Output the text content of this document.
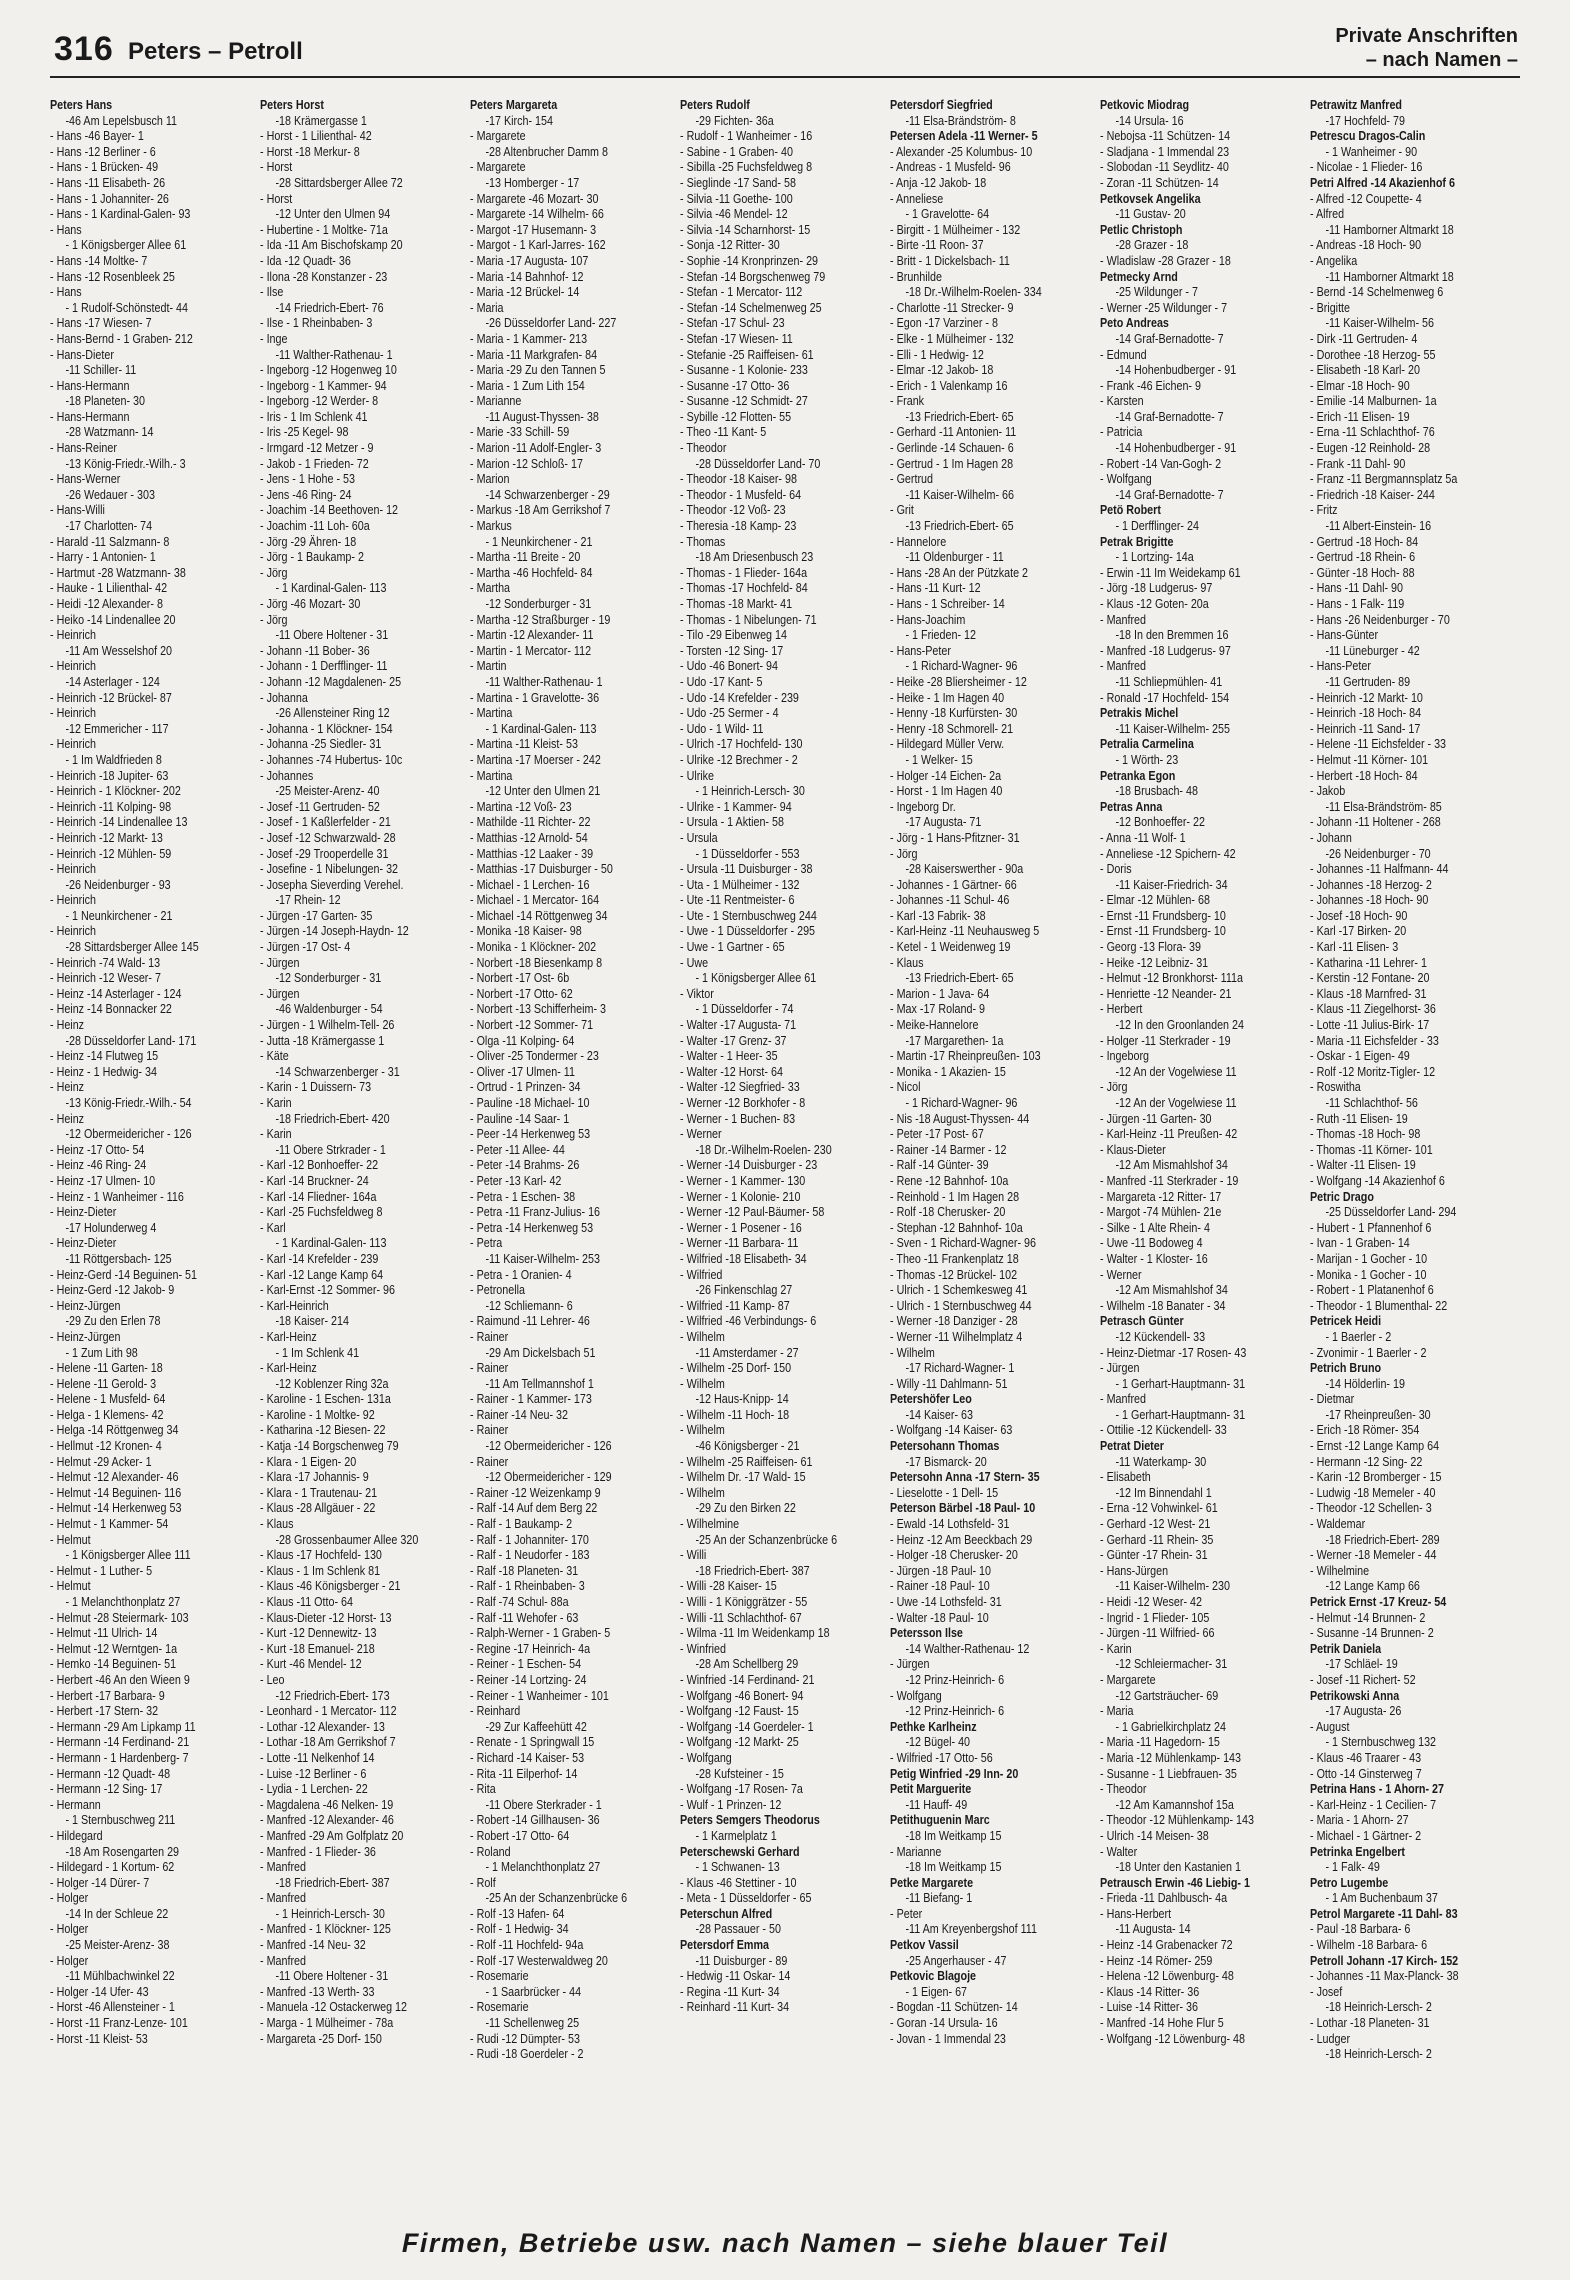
316 Peters – Petroll
Private Anschriften
– nach Namen –
Peters Hans
-46 Am Lepelsbusch 11
- Hans -46 Bayer- 1
- Hans -12 Berliner - 6
- Hans - 1 Brücken- 49
- Hans -11 Elisabeth- 26
- Hans - 1 Johanniter- 26
- Hans - 1 Kardinal-Galen- 93
- Hans
- 1 Königsberger Allee 61
- Hans -14 Moltke- 7
- Hans -12 Rosenbleek 25
- Hans
- 1 Rudolf-Schönstedt- 44
- Hans -17 Wiesen- 7
- Hans-Bernd - 1 Graben- 212
- Hans-Dieter
-11 Schiller- 11
- Hans-Hermann
-18 Planeten- 30
- Hans-Hermann
-28 Watzmann- 14
- Hans-Reiner
-13 König-Friedr.-Wilh.- 3
- Hans-Werner
-26 Wedauer - 303
- Hans-Willi
-17 Charlotten- 74
- Harald -11 Salzmann- 8
- Harry - 1 Antonien- 1
- Hartmut -28 Watzmann- 38
- Hauke - 1 Lilienthal- 42
- Heidi -12 Alexander- 8
- Heiko -14 Lindenallee 20
- Heinrich
-11 Am Wesselshof 20
- Heinrich
-14 Asterlager - 124
- Heinrich -12 Brückel- 87
- Heinrich
-12 Emmericher - 117
- Heinrich
- 1 Im Waldfrieden 8
- Heinrich -18 Jupiter- 63
- Heinrich - 1 Klöckner- 202
- Heinrich -11 Kolping- 98
- Heinrich -14 Lindenallee 13
- Heinrich -12 Markt- 13
- Heinrich -12 Mühlen- 59
- Heinrich
-26 Neidenburger - 93
- Heinrich
- 1 Neunkirchener - 21
- Heinrich
-28 Sittardsberger Allee 145
- Heinrich -74 Wald- 13
- Heinrich -12 Weser- 7
- Heinz -14 Asterlager - 124
- Heinz -14 Bonnacker 22
- Heinz
-28 Düsseldorfer Land- 171
- Heinz -14 Flutweg 15
- Heinz - 1 Hedwig- 34
- Heinz
-13 König-Friedr.-Wilh.- 54
- Heinz
-12 Obermeidericher - 126
- Heinz -17 Otto- 54
- Heinz -46 Ring- 24
- Heinz -17 Ulmen- 10
- Heinz - 1 Wanheimer - 116
- Heinz-Dieter
-17 Holunderweg 4
- Heinz-Dieter
-11 Röttgersbach- 125
- Heinz-Gerd -14 Beguinen- 51
- Heinz-Gerd -12 Jakob- 9
- Heinz-Jürgen
-29 Zu den Erlen 78
- Heinz-Jürgen
- 1 Zum Lith 98
- Helene -11 Garten- 18
- Helene -11 Gerold- 3
- Helene - 1 Musfeld- 64
- Helga - 1 Klemens- 42
- Helga -14 Röttgenweg 34
- Hellmut -12 Kronen- 4
- Helmut -29 Acker- 1
- Helmut -12 Alexander- 46
- Helmut -14 Beguinen- 116
- Helmut -14 Herkenweg 53
- Helmut - 1 Kammer- 54
- Helmut
- 1 Königsberger Allee 111
- Helmut - 1 Luther- 5
- Helmut
- 1 Melanchthonplatz 27
- Helmut -28 Steiermark- 103
- Helmut -11 Ulrich- 14
- Helmut -12 Werntgen- 1a
- Hemko -14 Beguinen- 51
- Herbert -46 An den Wieen 9
- Herbert -17 Barbara- 9
- Herbert -17 Stern- 32
- Hermann -29 Am Lipkamp 11
- Hermann -14 Ferdinand- 21
- Hermann - 1 Hardenberg- 7
- Hermann -12 Quadt- 48
- Hermann -12 Sing- 17
- Hermann
- 1 Sternbuschweg 211
- Hildegard
-18 Am Rosengarten 29
- Hildegard - 1 Kortum- 62
- Holger -14 Dürer- 7
- Holger
-14 In der Schleue 22
- Holger
-25 Meister-Arenz- 38
- Holger
-11 Mühlbachwinkel 22
- Holger -14 Ufer- 43
- Horst -46 Allensteiner - 1
- Horst -11 Franz-Lenze- 101
- Horst -11 Kleist- 53
Peters Horst
-18 Krämergasse 1
- Horst - 1 Lilienthal- 42
- Horst -18 Merkur- 8
- Horst
-28 Sittardsberger Allee 72
- Horst
-12 Unter den Ulmen 94
- Hubertine - 1 Moltke- 71a
- Ida -11 Am Bischofskamp 20
- Ida -12 Quadt- 36
- Ilona -28 Konstanzer - 23
- Ilse
-14 Friedrich-Ebert- 76
- Ilse - 1 Rheinbaben- 3
- Inge
-11 Walther-Rathenau- 1
- Ingeborg -12 Hogenweg 10
- Ingeborg - 1 Kammer- 94
- Ingeborg -12 Werder- 8
- Iris - 1 Im Schlenk 41
- Iris -25 Kegel- 98
- Irmgard -12 Metzer - 9
- Jakob - 1 Frieden- 72
- Jens - 1 Hohe - 53
- Jens -46 Ring- 24
- Joachim -14 Beethoven- 12
- Joachim -11 Loh- 60a
- Jörg -29 Ähren- 18
- Jörg - 1 Baukamp- 2
- Jörg
- 1 Kardinal-Galen- 113
- Jörg -46 Mozart- 30
- Jörg
-11 Obere Holtener - 31
- Johann -11 Bober- 36
- Johann - 1 Derfflinger- 11
- Johann -12 Magdalenen- 25
- Johanna
-26 Allensteiner Ring 12
- Johanna - 1 Klöckner- 154
- Johanna -25 Siedler- 31
- Johannes -74 Hubertus- 10c
- Johannes
-25 Meister-Arenz- 40
- Josef -11 Gertruden- 52
- Josef - 1 Kaßlerfelder - 21
- Josef -12 Schwarzwald- 28
- Josef -29 Trooperdelle 31
- Josefine - 1 Nibelungen- 32
- Josepha Sieverding Verehel.
-17 Rhein- 12
- Jürgen -17 Garten- 35
- Jürgen -14 Joseph-Haydn- 12
- Jürgen -17 Ost- 4
- Jürgen
-12 Sonderburger - 31
- Jürgen
-46 Waldenburger - 54
- Jürgen - 1 Wilhelm-Tell- 26
- Jutta -18 Krämergasse 1
- Käte
-14 Schwarzenberger - 31
- Karin - 1 Duissern- 73
- Karin
-18 Friedrich-Ebert- 420
- Karin
-11 Obere Strkrader - 1
- Karl -12 Bonhoeffer- 22
- Karl -14 Bruckner- 24
- Karl -14 Fliedner- 164a
- Karl -25 Fuchsfeldweg 8
- Karl
- 1 Kardinal-Galen- 113
- Karl -14 Krefelder - 239
- Karl -12 Lange Kamp 64
- Karl-Ernst -12 Sommer- 96
- Karl-Heinrich
-18 Kaiser- 214
- Karl-Heinz
- 1 Im Schlenk 41
- Karl-Heinz
-12 Koblenzer Ring 32a
- Karoline - 1 Eschen- 131a
- Karoline - 1 Moltke- 92
- Katharina -12 Biesen- 22
- Katja -14 Borgschenweg 79
- Klara - 1 Eigen- 20
- Klara -17 Johannis- 9
- Klara - 1 Trautenau- 21
- Klaus -28 Allgäuer - 22
- Klaus
-28 Grossenbaumer Allee 320
- Klaus -17 Hochfeld- 130
- Klaus - 1 Im Schlenk 81
- Klaus -46 Königsberger - 21
- Klaus -11 Otto- 64
- Klaus-Dieter -12 Horst- 13
- Kurt -12 Dennewitz- 13
- Kurt -18 Emanuel- 218
- Kurt -46 Mendel- 12
- Leo
-12 Friedrich-Ebert- 173
- Leonhard - 1 Mercator- 112
- Lothar -12 Alexander- 13
- Lothar -18 Am Gerrikshof 7
- Lotte -11 Nelkenhof 14
- Luise -12 Berliner - 6
- Lydia - 1 Lerchen- 22
- Magdalena -46 Nelken- 19
- Manfred -12 Alexander- 46
- Manfred -29 Am Golfplatz 20
- Manfred - 1 Flieder- 36
- Manfred
-18 Friedrich-Ebert- 387
- Manfred
- 1 Heinrich-Lersch- 30
- Manfred - 1 Klöckner- 125
- Manfred -14 Neu- 32
- Manfred
-11 Obere Holtener - 31
- Manfred -13 Werth- 33
- Manuela -12 Ostackerweg 12
- Marga - 1 Mülheimer - 78a
- Margareta -25 Dorf- 150
Peters Margareta
-17 Kirch- 154
- Margarete
-28 Altenbrucher Damm 8
- Margarete
-13 Homberger - 17
- Margarete -46 Mozart- 30
- Margarete -14 Wilhelm- 66
- Margot -17 Husemann- 3
- Margot - 1 Karl-Jarres- 162
- Maria -17 Augusta- 107
- Maria -14 Bahnhof- 12
- Maria -12 Brückel- 14
- Maria
-26 Düsseldorfer Land- 227
- Maria - 1 Kammer- 213
- Maria -11 Markgrafen- 84
- Maria -29 Zu den Tannen 5
- Maria - 1 Zum Lith 154
- Marianne
-11 August-Thyssen- 38
- Marie -33 Schill- 59
- Marion -11 Adolf-Engler- 3
- Marion -12 Schloß- 17
- Marion
-14 Schwarzenberger - 29
- Markus -18 Am Gerrikshof 7
- Markus
- 1 Neunkirchener - 21
- Martha -11 Breite - 20
- Martha -46 Hochfeld- 84
- Martha
-12 Sonderburger - 31
- Martha -12 Straßburger - 19
- Martin -12 Alexander- 11
- Martin - 1 Mercator- 112
- Martin
-11 Walther-Rathenau- 1
- Martina - 1 Gravelotte- 36
- Martina
- 1 Kardinal-Galen- 113
- Martina -11 Kleist- 53
- Martina -17 Moerser - 242
- Martina
-12 Unter den Ulmen 21
- Martina -12 Voß- 23
- Mathilde -11 Richter- 22
- Matthias -12 Arnold- 54
- Matthias -12 Laaker - 39
- Matthias -17 Duisburger - 50
- Michael - 1 Lerchen- 16
- Michael - 1 Mercator- 164
- Michael -14 Röttgenweg 34
- Monika -18 Kaiser- 98
- Monika - 1 Klöckner- 202
- Norbert -18 Biesenkamp 8
- Norbert -17 Ost- 6b
- Norbert -17 Otto- 62
- Norbert -13 Schifferheim- 3
- Norbert -12 Sommer- 71
- Olga -11 Kolping- 64
- Oliver -25 Tondermer - 23
- Oliver -17 Ulmen- 11
- Ortrud - 1 Prinzen- 34
- Pauline -18 Michael- 10
- Pauline -14 Saar- 1
- Peer -14 Herkenweg 53
- Peter -11 Allee- 44
- Peter -14 Brahms- 26
- Peter -13 Karl- 42
- Petra - 1 Eschen- 38
- Petra -11 Franz-Julius- 16
- Petra -14 Herkenweg 53
- Petra
-11 Kaiser-Wilhelm- 253
- Petra - 1 Oranien- 4
- Petronella
-12 Schliemann- 6
- Raimund -11 Lehrer- 46
- Rainer
-29 Am Dickelsbach 51
- Rainer
-11 Am Tellmannshof 1
- Rainer - 1 Kammer- 173
- Rainer -14 Neu- 32
- Rainer
-12 Obermeidericher - 126
- Rainer
-12 Obermeidericher - 129
- Rainer -12 Weizenkamp 9
- Ralf -14 Auf dem Berg 22
- Ralf - 1 Baukamp- 2
- Ralf - 1 Johanniter- 170
- Ralf - 1 Neudorfer - 183
- Ralf -18 Planeten- 31
- Ralf - 1 Rheinbaben- 3
- Ralf -74 Schul- 88a
- Ralf -11 Wehofer - 63
- Ralph-Werner - 1 Graben- 5
- Regine -17 Heinrich- 4a
- Reiner - 1 Eschen- 54
- Reiner -14 Lortzing- 24
- Reiner - 1 Wanheimer - 101
- Reinhard
-29 Zur Kaffeehütt 42
- Renate - 1 Springwall 15
- Richard -14 Kaiser- 53
- Rita -11 Eilperhof- 14
- Rita
-11 Obere Sterkrader - 1
- Robert -14 Gillhausen- 36
- Robert -17 Otto- 64
- Roland
- 1 Melanchthonplatz 27
- Rolf
-25 An der Schanzenbrücke 6
- Rolf -13 Hafen- 64
- Rolf - 1 Hedwig- 34
- Rolf -11 Hochfeld- 94a
- Rolf -17 Westerwaldweg 20
- Rosemarie
- 1 Saarbrücker - 44
- Rosemarie
-11 Schellenweg 25
- Rudi -12 Dümpter- 53
- Rudi -18 Goerdeler - 2
Peters Rudolf
-29 Fichten- 36a
- Rudolf - 1 Wanheimer - 16
- Sabine - 1 Graben- 40
- Sibilla -25 Fuchsfeldweg 8
- Sieglinde -17 Sand- 58
- Silvia -11 Goethe- 100
- Silvia -46 Mendel- 12
- Silvia -14 Scharnhorst- 15
- Sonja -12 Ritter- 30
- Sophie -14 Kronprinzen- 29
- Stefan -14 Borgschenweg 79
- Stefan - 1 Mercator- 112
- Stefan -14 Schelmenweg 25
- Stefan -17 Schul- 23
- Stefan -17 Wiesen- 11
- Stefanie -25 Raiffeisen- 61
- Susanne - 1 Kolonie- 233
- Susanne -17 Otto- 36
- Susanne -12 Schmidt- 27
- Sybille -12 Flotten- 55
- Theo -11 Kant- 5
- Theodor
-28 Düsseldorfer Land- 70
- Theodor -18 Kaiser- 98
- Theodor - 1 Musfeld- 64
- Theodor -12 Voß- 23
- Theresia -18 Kamp- 23
- Thomas
-18 Am Driesenbusch 23
- Thomas - 1 Flieder- 164a
- Thomas -17 Hochfeld- 84
- Thomas -18 Markt- 41
- Thomas - 1 Nibelungen- 71
- Tilo -29 Eibenweg 14
- Torsten -12 Sing- 17
- Udo -46 Bonert- 94
- Udo -17 Kant- 5
- Udo -14 Krefelder - 239
- Udo -25 Sermer - 4
- Udo - 1 Wild- 11
- Ulrich -17 Hochfeld- 130
- Ulrike -12 Brechmer - 2
- Ulrike
- 1 Heinrich-Lersch- 30
- Ulrike - 1 Kammer- 94
- Ursula - 1 Aktien- 58
- Ursula
- 1 Düsseldorfer - 553
- Ursula -11 Duisburger - 38
- Uta - 1 Mülheimer - 132
- Ute -11 Rentmeister- 6
- Ute - 1 Sternbuschweg 244
- Uwe - 1 Düsseldorfer - 295
- Uwe - 1 Gartner - 65
- Uwe
- 1 Königsberger Allee 61
- Viktor
- 1 Düsseldorfer - 74
- Walter -17 Augusta- 71
- Walter -17 Grenz- 37
- Walter - 1 Heer- 35
- Walter -12 Horst- 64
- Walter -12 Siegfried- 33
- Werner -12 Borkhofer - 8
- Werner - 1 Buchen- 83
- Werner
-18 Dr.-Wilhelm-Roelen- 230
- Werner -14 Duisburger - 23
- Werner - 1 Kammer- 130
- Werner - 1 Kolonie- 210
- Werner -12 Paul-Bäumer- 58
- Werner - 1 Posener - 16
- Werner -11 Barbara- 11
- Wilfried -18 Elisabeth- 34
- Wilfried
-26 Finkenschlag 27
- Wilfried -11 Kamp- 87
- Wilfried -46 Verbindungs- 6
- Wilhelm
-11 Amsterdamer - 27
- Wilhelm -25 Dorf- 150
- Wilhelm
-12 Haus-Knipp- 14
- Wilhelm -11 Hoch- 18
- Wilhelm
-46 Königsberger - 21
- Wilhelm -25 Raiffeisen- 61
- Wilhelm Dr. -17 Wald- 15
- Wilhelm
-29 Zu den Birken 22
- Wilhelmine
-25 An der Schanzenbrücke 6
- Willi
-18 Friedrich-Ebert- 387
- Willi -28 Kaiser- 15
- Willi - 1 Königgrätzer - 55
- Willi -11 Schlachthof- 67
- Wilma -11 Im Weidenkamp 18
- Winfried
-28 Am Schellberg 29
- Winfried -14 Ferdinand- 21
- Wolfgang -46 Bonert- 94
- Wolfgang -12 Faust- 15
- Wolfgang -14 Goerdeler- 1
- Wolfgang -12 Markt- 25
- Wolfgang
-28 Kufsteiner - 15
- Wolfgang -17 Rosen- 7a
- Wulf - 1 Prinzen- 12
Peters Semgers Theodorus
- 1 Karmelplatz 1
Peterschewski Gerhard
- 1 Schwanen- 13
- Klaus -46 Stettiner - 10
- Meta - 1 Düsseldorfer - 65
Peterschun Alfred
-28 Passauer - 50
Petersdorf Emma
-11 Duisburger - 89
- Hedwig -11 Oskar- 14
- Regina -11 Kurt- 34
- Reinhard -11 Kurt- 34
Petersdorf Siegfried
-11 Elsa-Brändström- 8
Petersen Adela -11 Werner- 5
- Alexander -25 Kolumbus- 10
- Andreas - 1 Musfeld- 96
- Anja -12 Jakob- 18
- Anneliese
- 1 Gravelotte- 64
- Birgitt - 1 Mülheimer - 132
- Birte -11 Roon- 37
- Britt - 1 Dickelsbach- 11
- Brunhilde
-18 Dr.-Wilhelm-Roelen- 334
- Charlotte -11 Strecker- 9
- Egon -17 Varziner - 8
- Elke - 1 Mülheimer - 132
- Elli - 1 Hedwig- 12
- Elmar -12 Jakob- 18
- Erich - 1 Valenkamp 16
- Frank
-13 Friedrich-Ebert- 65
- Gerhard -11 Antonien- 11
- Gerlinde -14 Schauen- 6
- Gertrud - 1 Im Hagen 28
- Gertrud
-11 Kaiser-Wilhelm- 66
- Grit
-13 Friedrich-Ebert- 65
- Hannelore
-11 Oldenburger - 11
- Hans -28 An der Pützkate 2
- Hans -11 Kurt- 12
- Hans - 1 Schreiber- 14
- Hans-Joachim
- 1 Frieden- 12
- Hans-Peter
- 1 Richard-Wagner- 96
- Heike -28 Bliersheimer - 12
- Heike - 1 Im Hagen 40
- Henny -18 Kurfürsten- 30
- Henry -18 Schmorell- 21
- Hildegard Müller Verw.
- 1 Welker- 15
- Holger -14 Eichen- 2a
- Horst - 1 Im Hagen 40
- Ingeborg Dr.
-17 Augusta- 71
- Jörg - 1 Hans-Pfitzner- 31
- Jörg
-28 Kaiserswerther - 90a
- Johannes - 1 Gärtner- 66
- Johannes -11 Schul- 46
- Karl -13 Fabrik- 38
- Karl-Heinz -11 Neuhausweg 5
- Ketel - 1 Weidenweg 19
- Klaus
-13 Friedrich-Ebert- 65
- Marion - 1 Java- 64
- Max -17 Roland- 9
- Meike-Hannelore
-17 Margarethen- 1a
- Martin -17 Rheinpreußen- 103
- Monika - 1 Akazien- 15
- Nicol
- 1 Richard-Wagner- 96
- Nis -18 August-Thyssen- 44
- Peter -17 Post- 67
- Rainer -14 Barmer - 12
- Ralf -14 Günter- 39
- Rene -12 Bahnhof- 10a
- Reinhold - 1 Im Hagen 28
- Rolf -18 Cherusker- 20
- Stephan -12 Bahnhof- 10a
- Sven - 1 Richard-Wagner- 96
- Theo -11 Frankenplatz 18
- Thomas -12 Brückel- 102
- Ulrich - 1 Schemkesweg 41
- Ulrich - 1 Sternbuschweg 44
- Werner -18 Danziger - 28
- Werner -11 Wilhelmplatz 4
- Wilhelm
-17 Richard-Wagner- 1
- Willy -11 Dahlmann- 51
Petershöfer Leo
-14 Kaiser- 63
- Wolfgang -14 Kaiser- 63
Petersohann Thomas
-17 Bismarck- 20
Petersohn Anna -17 Stern- 35
- Lieselotte - 1 Dell- 15
Peterson Bärbel -18 Paul- 10
- Ewald -14 Lothsfeld- 31
- Heinz -12 Am Beeckbach 29
- Holger -18 Cherusker- 20
- Jürgen -18 Paul- 10
- Rainer -18 Paul- 10
- Uwe -14 Lothsfeld- 31
- Walter -18 Paul- 10
Petersson Ilse
-14 Walther-Rathenau- 12
- Jürgen
-12 Prinz-Heinrich- 6
- Wolfgang
-12 Prinz-Heinrich- 6
Pethke Karlheinz
-12 Bügel- 40
- Wilfried -17 Otto- 56
Petig Winfried -29 Inn- 20
Petit Marguerite
-11 Hauff- 49
Petithuguenin Marc
-18 Im Weitkamp 15
- Marianne
-18 Im Weitkamp 15
Petke Margarete
-11 Biefang- 1
- Peter
-11 Am Kreyenbergshof 111
Petkov Vassil
-25 Angerhauser - 47
Petkovic Blagoje
- 1 Eigen- 67
- Bogdan -11 Schützen- 14
- Goran -14 Ursula- 16
- Jovan - 1 Immendal 23
Petkovic Miodrag
-14 Ursula- 16
- Nebojsa -11 Schützen- 14
- Sladjana - 1 Immendal 23
- Slobodan -11 Seydlitz- 40
- Zoran -11 Schützen- 14
Petkovsek Angelika
-11 Gustav- 20
Petlic Christoph
-28 Grazer - 18
- Wladislaw -28 Grazer - 18
Petmecky Arnd
-25 Wildunger - 7
- Werner -25 Wildunger - 7
Peto Andreas
-14 Graf-Bernadotte- 7
- Edmund
-14 Hohenbudberger - 91
- Frank -46 Eichen- 9
- Karsten
-14 Graf-Bernadotte- 7
- Patricia
-14 Hohenbudberger - 91
- Robert -14 Van-Gogh- 2
- Wolfgang
-14 Graf-Bernadotte- 7
Petö Robert
- 1 Derfflinger- 24
Petrak Brigitte
- 1 Lortzing- 14a
- Erwin -11 Im Weidekamp 61
- Jörg -18 Ludgerus- 97
- Klaus -12 Goten- 20a
- Manfred
-18 In den Bremmen 16
- Manfred -18 Ludgerus- 97
- Manfred
-11 Schliepmühlen- 41
- Ronald -17 Hochfeld- 154
Petrakis Michel
-11 Kaiser-Wilhelm- 255
Petralia Carmelina
- 1 Wörth- 23
Petranka Egon
-18 Brusbach- 48
Petras Anna
-12 Bonhoeffer- 22
- Anna -11 Wolf- 1
- Anneliese -12 Spichern- 42
- Doris
-11 Kaiser-Friedrich- 34
- Elmar -12 Mühlen- 68
- Ernst -11 Frundsberg- 10
- Ernst -11 Frundsberg- 10
- Georg -13 Flora- 39
- Heike -12 Leibniz- 31
- Helmut -12 Bronkhorst- 111a
- Henriette -12 Neander- 21
- Herbert
-12 In den Groonlanden 24
- Holger -11 Sterkrader - 19
- Ingeborg
-12 An der Vogelwiese 11
- Jörg
-12 An der Vogelwiese 11
- Jürgen -11 Garten- 30
- Karl-Heinz -11 Preußen- 42
- Klaus-Dieter
-12 Am Mismahlshof 34
- Manfred -11 Sterkrader - 19
- Margareta -12 Ritter- 17
- Margot -74 Mühlen- 21e
- Silke - 1 Alte Rhein- 4
- Uwe -11 Bodoweg 4
- Walter - 1 Kloster- 16
- Werner
-12 Am Mismahlshof 34
- Wilhelm -18 Banater - 34
Petrasch Günter
-12 Kückendell- 33
- Heinz-Dietmar -17 Rosen- 43
- Jürgen
- 1 Gerhart-Hauptmann- 31
- Manfred
- 1 Gerhart-Hauptmann- 31
- Ottilie -12 Kückendell- 33
Petrat Dieter
-11 Waterkamp- 30
- Elisabeth
-12 Im Binnendahl 1
- Erna -12 Vohwinkel- 61
- Gerhard -12 West- 21
- Gerhard -11 Rhein- 35
- Günter -17 Rhein- 31
- Hans-Jürgen
-11 Kaiser-Wilhelm- 230
- Heidi -12 Weser- 42
- Ingrid - 1 Flieder- 105
- Jürgen -11 Wilfried- 66
- Karin
-12 Schleiermacher- 31
- Margarete
-12 Gartsträucher- 69
- Maria
- 1 Gabrielkirchplatz 24
- Maria -11 Hagedorn- 15
- Maria -12 Mühlenkamp- 143
- Susanne - 1 Liebfrauen- 35
- Theodor
-12 Am Kamannshof 15a
- Theodor -12 Mühlenkamp- 143
- Ulrich -14 Meisen- 38
- Walter
-18 Unter den Kastanien 1
Petrausch Erwin -46 Liebig- 1
- Frieda -11 Dahlbusch- 4a
- Hans-Herbert
-11 Augusta- 14
- Heinz -14 Grabenacker 72
- Heinz -14 Römer- 259
- Helena -12 Löwenburg- 48
- Klaus -14 Ritter- 36
- Luise -14 Ritter- 36
- Manfred -14 Hohe Flur 5
- Wolfgang -12 Löwenburg- 48
Petrawitz Manfred
-17 Hochfeld- 79
Petrescu Dragos-Calin
- 1 Wanheimer - 90
- Nicolae - 1 Flieder- 16
Petri Alfred -14 Akazienhof 6
- Alfred -12 Coupette- 4
- Alfred
-11 Hamborner Altmarkt 18
- Andreas -18 Hoch- 90
- Angelika
-11 Hamborner Altmarkt 18
- Bernd -14 Schelmenweg 6
- Brigitte
-11 Kaiser-Wilhelm- 56
- Dirk -11 Gertruden- 4
- Dorothee -18 Herzog- 55
- Elisabeth -18 Karl- 20
- Elmar -18 Hoch- 90
- Emilie -14 Malburnen- 1a
- Erich -11 Elisen- 19
- Erna -11 Schlachthof- 76
- Eugen -12 Reinhold- 28
- Frank -11 Dahl- 90
- Franz -11 Bergmannsplatz 5a
- Friedrich -18 Kaiser- 244
- Fritz
-11 Albert-Einstein- 16
- Gertrud -18 Hoch- 84
- Gertrud -18 Rhein- 6
- Günter -18 Hoch- 88
- Hans -11 Dahl- 90
- Hans - 1 Falk- 119
- Hans -26 Neidenburger - 70
- Hans-Günter
-11 Lüneburger - 42
- Hans-Peter
-11 Gertruden- 89
- Heinrich -12 Markt- 10
- Heinrich -18 Hoch- 84
- Heinrich -11 Sand- 17
- Helene -11 Eichsfelder - 33
- Helmut -11 Körner- 101
- Herbert -18 Hoch- 84
- Jakob
-11 Elsa-Brändström- 85
- Johann -11 Holtener - 268
- Johann
-26 Neidenburger - 70
- Johannes -11 Halfmann- 44
- Johannes -18 Herzog- 2
- Johannes -18 Hoch- 90
- Josef -18 Hoch- 90
- Karl -17 Birken- 20
- Karl -11 Elisen- 3
- Katharina -11 Lehrer- 1
- Kerstin -12 Fontane- 20
- Klaus -18 Marnfred- 31
- Klaus -11 Ziegelhorst- 36
- Lotte -11 Julius-Birk- 17
- Maria -11 Eichsfelder - 33
- Oskar - 1 Eigen- 49
- Rolf -12 Moritz-Tigler- 12
- Roswitha
-11 Schlachthof- 56
- Ruth -11 Elisen- 19
- Thomas -18 Hoch- 98
- Thomas -11 Körner- 101
- Walter -11 Elisen- 19
- Wolfgang -14 Akazienhof 6
Petric Drago
-25 Düsseldorfer Land- 294
- Hubert - 1 Pfannenhof 6
- Ivan - 1 Graben- 14
- Marijan - 1 Gocher - 10
- Monika - 1 Gocher - 10
- Robert - 1 Platanenhof 6
- Theodor - 1 Blumenthal- 22
Petricek Heidi
- 1 Baerler - 2
- Zvonimir - 1 Baerler - 2
Petrich Bruno
-14 Hölderlin- 19
- Dietmar
-17 Rheinpreußen- 30
- Erich -18 Römer- 354
- Ernst -12 Lange Kamp 64
- Hermann -12 Sing- 22
- Karin -12 Bromberger - 15
- Ludwig -18 Memeler - 40
- Theodor -12 Schellen- 3
- Waldemar
-18 Friedrich-Ebert- 289
- Werner -18 Memeler - 44
- Wilhelmine
-12 Lange Kamp 66
Petrick Ernst -17 Kreuz- 54
- Helmut -14 Brunnen- 2
- Susanne -14 Brunnen- 2
Petrik Daniela
-17 Schläel- 19
- Josef -11 Richert- 52
Petrikowski Anna
-17 Augusta- 26
- August
- 1 Sternbuschweg 132
- Klaus -46 Traarer - 43
- Otto -14 Ginsterweg 7
Petrina Hans - 1 Ahorn- 27
- Karl-Heinz - 1 Cecilien- 7
- Maria - 1 Ahorn- 27
- Michael - 1 Gärtner- 2
Petrinka Engelbert
- 1 Falk- 49
Petro Lugembe
- 1 Am Buchenbaum 37
Petrol Margarete -11 Dahl- 83
- Paul -18 Barbara- 6
- Wilhelm -18 Barbara- 6
Petroll Johann -17 Kirch- 152
- Johannes -11 Max-Planck- 38
- Josef
-18 Heinrich-Lersch- 2
- Lothar -18 Planeten- 31
- Ludger
-18 Heinrich-Lersch- 2
Firmen, Betriebe usw. nach Namen – siehe blauer Teil
